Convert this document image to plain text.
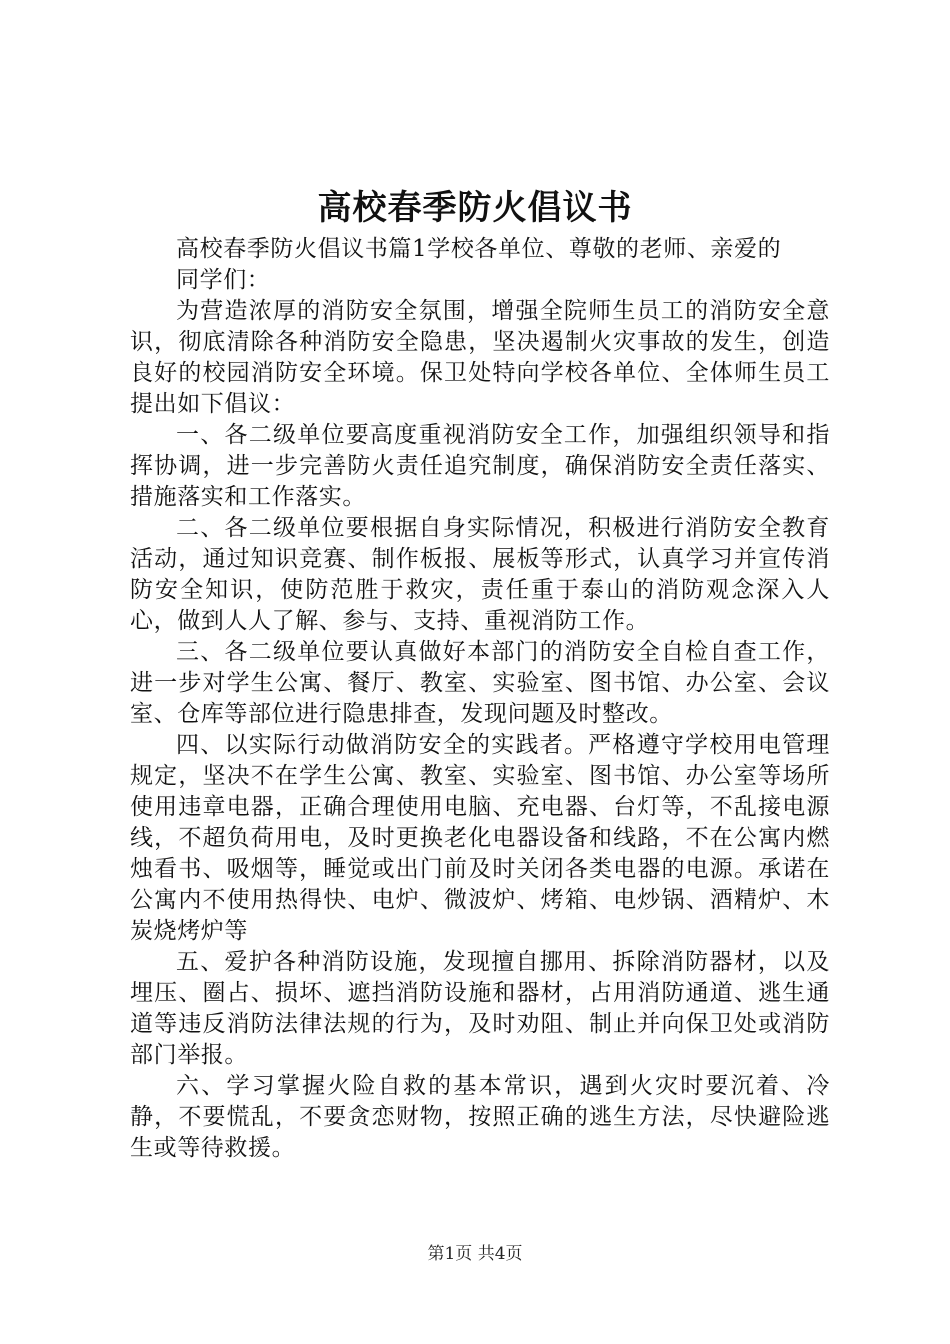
高校春季防火倡议书

高校春季防火倡议书篇1学校各单位、尊敬的老师、亲爱的

同学们：

为营造浓厚的消防安全氛围，增强全院师生员工的消防安全意识，彻底清除各种消防安全隐患，坚决遏制火灾事故的发生，创造良好的校园消防安全环境。保卫处特向学校各单位、全体师生员工提出如下倡议：

一、各二级单位要高度重视消防安全工作，加强组织领导和指挥协调，进一步完善防火责任追究制度，确保消防安全责任落实、措施落实和工作落实。

二、各二级单位要根据自身实际情况，积极进行消防安全教育活动，通过知识竞赛、制作板报、展板等形式，认真学习并宣传消防安全知识，使防范胜于救灾，责任重于泰山的消防观念深入人心，做到人人了解、参与、支持、重视消防工作。

三、各二级单位要认真做好本部门的消防安全自检自查工作，进一步对学生公寓、餐厅、教室、实验室、图书馆、办公室、会议室、仓库等部位进行隐患排查，发现问题及时整改。

四、以实际行动做消防安全的实践者。严格遵守学校用电管理规定，坚决不在学生公寓、教室、实验室、图书馆、办公室等场所使用违章电器，正确合理使用电脑、充电器、台灯等，不乱接电源线，不超负荷用电，及时更换老化电器设备和线路，不在公寓内燃烛看书、吸烟等，睡觉或出门前及时关闭各类电器的电源。承诺在公寓内不使用热得快、电炉、微波炉、烤箱、电炒锅、酒精炉、木炭烧烤炉等

五、爱护各种消防设施，发现擅自挪用、拆除消防器材，以及埋压、圈占、损坏、遮挡消防设施和器材，占用消防通道、逃生通道等违反消防法律法规的行为，及时劝阻、制止并向保卫处或消防部门举报。

六、学习掌握火险自救的基本常识，遇到火灾时要沉着、冷静，不要慌乱，不要贪恋财物，按照正确的逃生方法，尽快避险逃生或等待救援。

第1页 共4页
